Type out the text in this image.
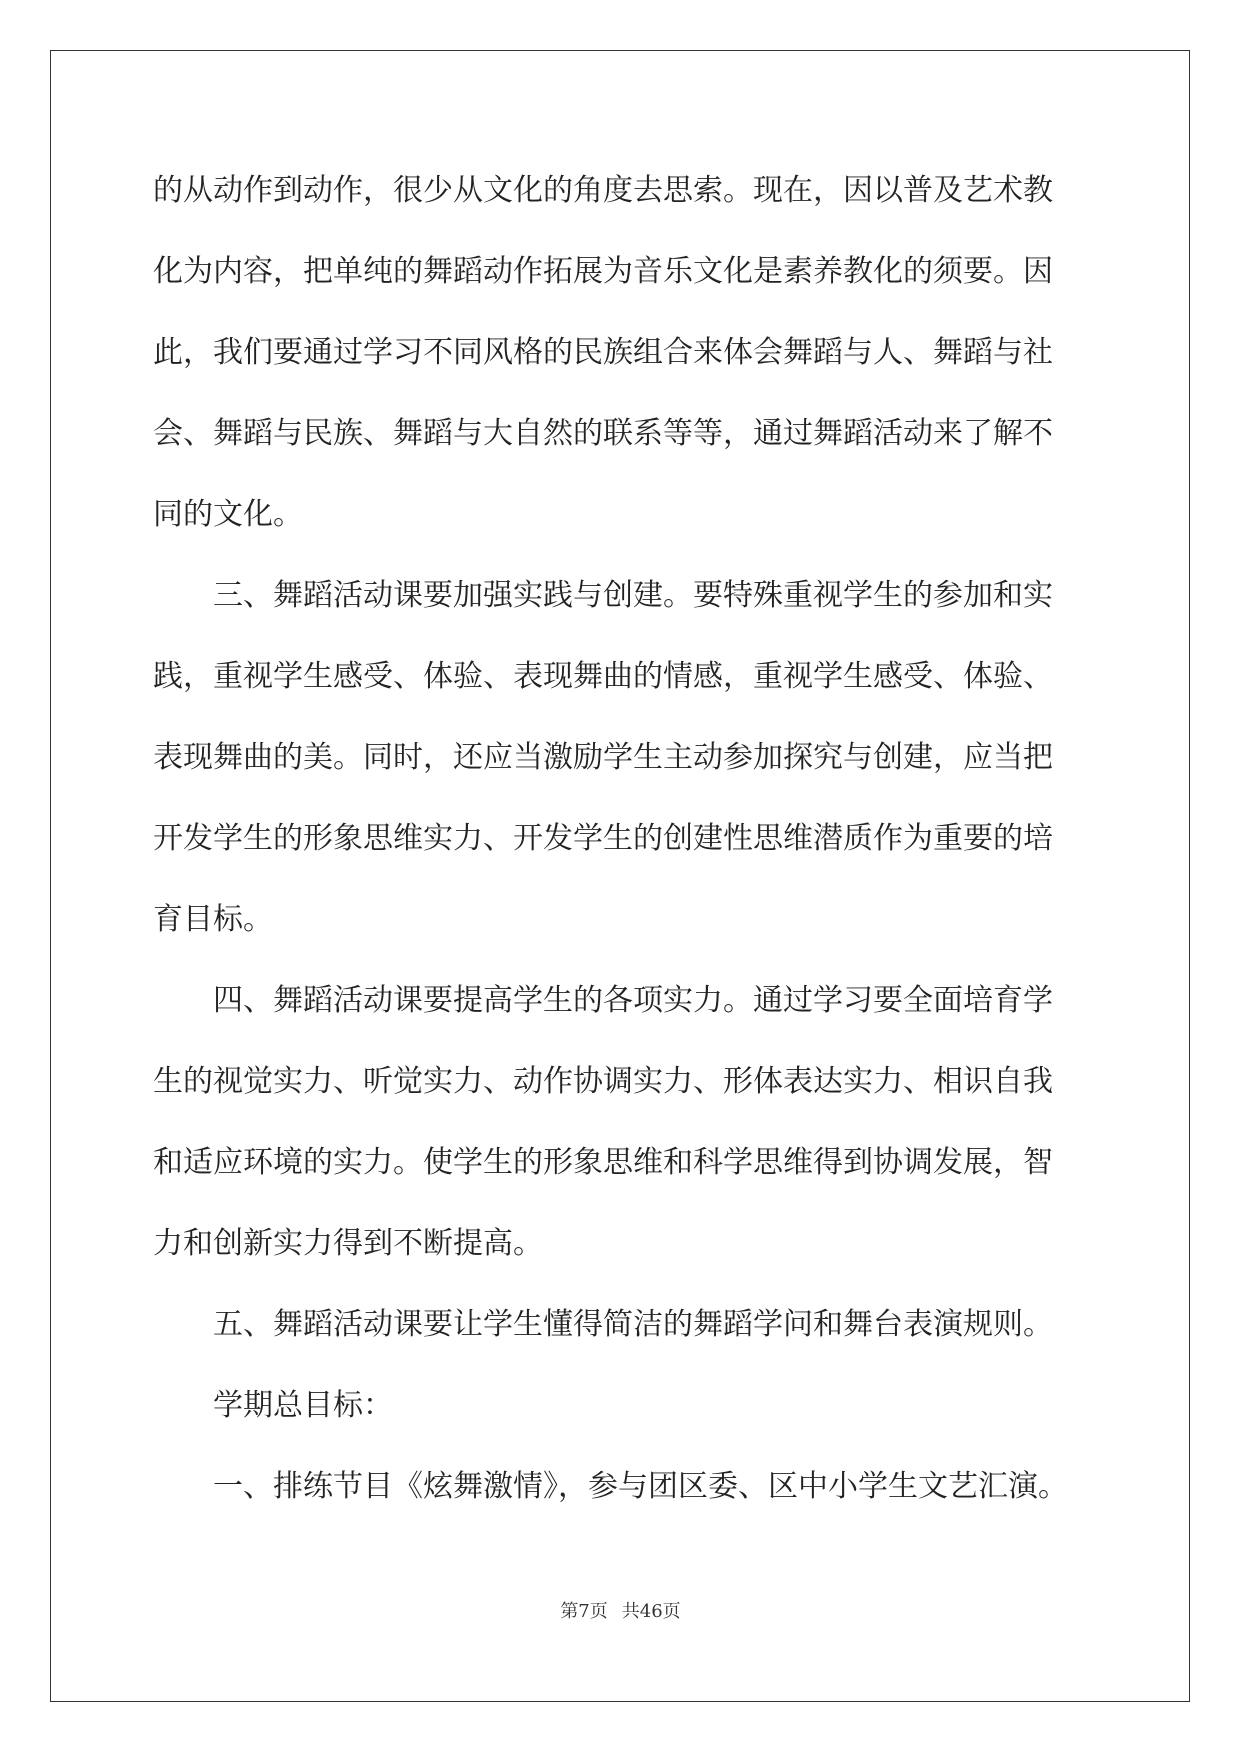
的从动作到动作，很少从文化的角度去思索。现在，因以普及艺术教

化为内容，把单纯的舞蹈动作拓展为音乐文化是素养教化的须要。因

此，我们要通过学习不同风格的民族组合来体会舞蹈与人、舞蹈与社

会、舞蹈与民族、舞蹈与大自然的联系等等，通过舞蹈活动来了解不

同的文化。

三、舞蹈活动课要加强实践与创建。要特殊重视学生的参加和实

践，重视学生感受、体验、表现舞曲的情感，重视学生感受、体验、

表现舞曲的美。同时，还应当激励学生主动参加探究与创建，应当把

开发学生的形象思维实力、开发学生的创建性思维潜质作为重要的培

育目标。

四、舞蹈活动课要提高学生的各项实力。通过学习要全面培育学

生的视觉实力、听觉实力、动作协调实力、形体表达实力、相识自我

和适应环境的实力。使学生的形象思维和科学思维得到协调发展，智

力和创新实力得到不断提高。

五、舞蹈活动课要让学生懂得简洁的舞蹈学问和舞台表演规则。

学期总目标：

一、排练节目《炫舞激情》，参与团区委、区中小学生文艺汇演。

第7页 共46页
